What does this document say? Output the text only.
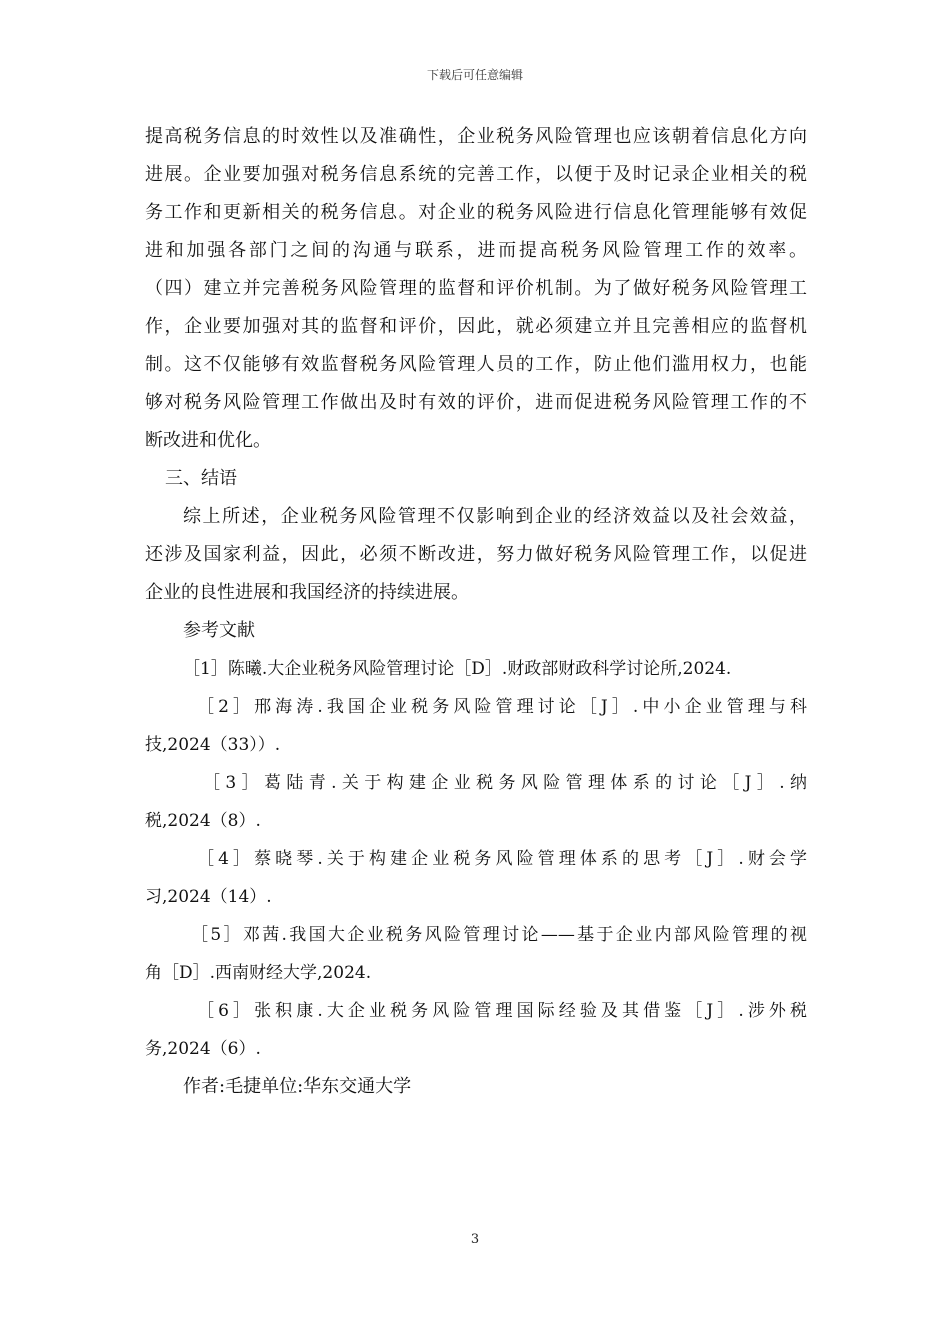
下载后可任意编辑
提高税务信息的时效性以及准确性，企业税务风险管理也应该朝着信息化方向
进展。企业要加强对税务信息系统的完善工作，以便于及时记录企业相关的税
务工作和更新相关的税务信息。对企业的税务风险进行信息化管理能够有效促
进和加强各部门之间的沟通与联系，进而提高税务风险管理工作的效率。
（四）建立并完善税务风险管理的监督和评价机制。为了做好税务风险管理工
作，企业要加强对其的监督和评价，因此，就必须建立并且完善相应的监督机
制。这不仅能够有效监督税务风险管理人员的工作，防止他们滥用权力，也能
够对税务风险管理工作做出及时有效的评价，进而促进税务风险管理工作的不
断改进和优化。
三、结语
综上所述，企业税务风险管理不仅影响到企业的经济效益以及社会效益，
还涉及国家利益，因此，必须不断改进，努力做好税务风险管理工作，以促进
企业的良性进展和我国经济的持续进展。
参考文献
［1］陈曦.大企业税务风险管理讨论［D］.财政部财政科学讨论所,2024.
［2］邢海涛.我国企业税务风险管理讨论［J］.中小企业管理与科
技,2024（33））.
［3］葛陆青.关于构建企业税务风险管理体系的讨论［J］.纳
税,2024（8）.
［4］蔡晓琴.关于构建企业税务风险管理体系的思考［J］.财会学
习,2024（14）.
［5］邓茜.我国大企业税务风险管理讨论——基于企业内部风险管理的视
角［D］.西南财经大学,2024.
［6］张积康.大企业税务风险管理国际经验及其借鉴［J］.涉外税
务,2024（6）.
作者:毛捷单位:华东交通大学
3
